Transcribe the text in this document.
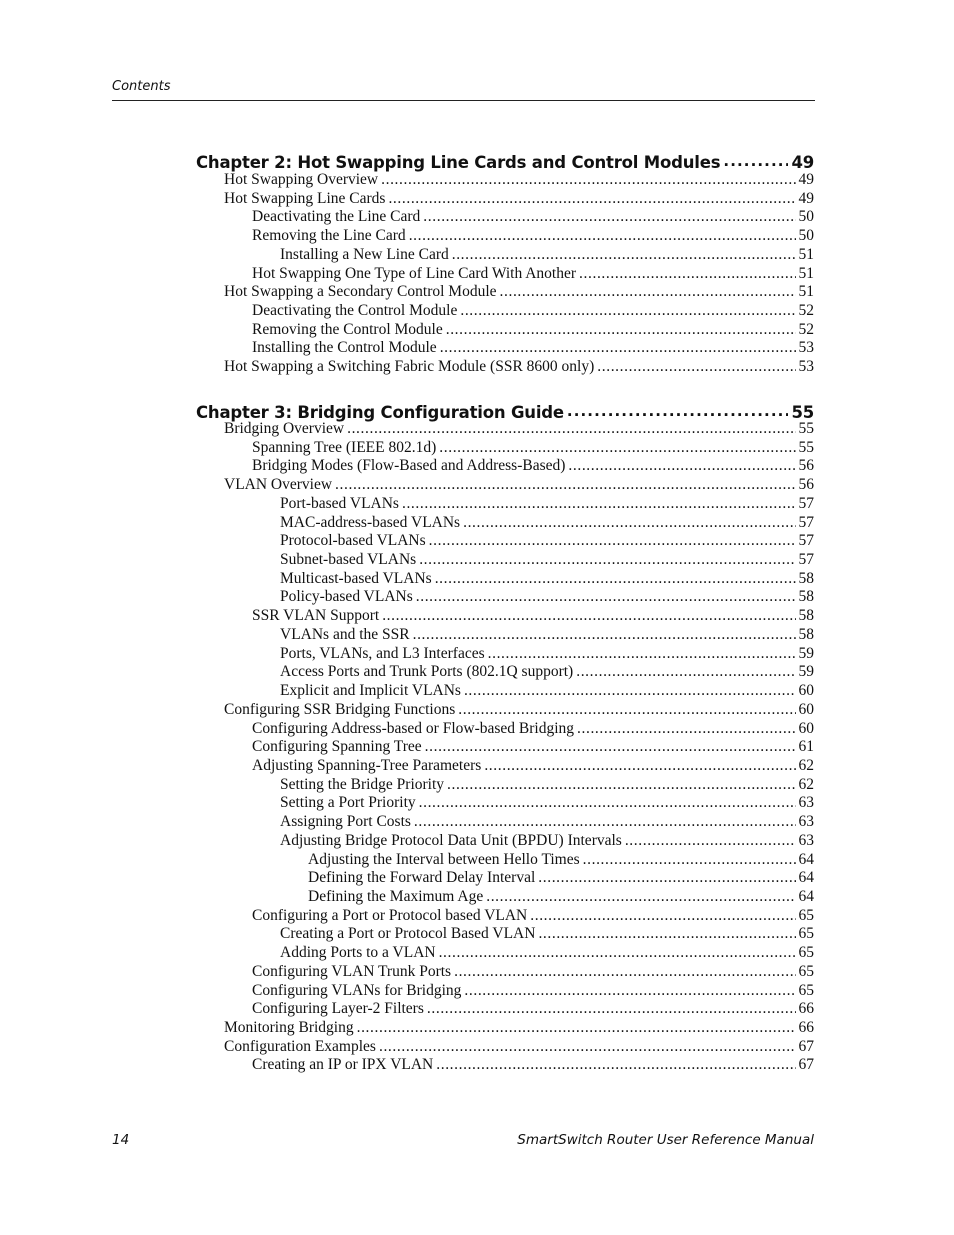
Contents
Chapter 2: Hot Swapping Line Cards and Control Modules .....	49
Hot Swapping Overview .....	49
Hot Swapping Line Cards .....	49
Deactivating the Line Card .....	50
Removing the Line Card .....	50
Installing a New Line Card .....	51
Hot Swapping One Type of Line Card With Another .....	51
Hot Swapping a Secondary Control Module .....	51
Deactivating the Control Module .....	52
Removing the Control Module .....	52
Installing the Control Module .....	53
Hot Swapping a Switching Fabric Module (SSR 8600 only) .....	53
Chapter 3: Bridging Configuration Guide .....	55
Bridging Overview .....	55
Spanning Tree (IEEE 802.1d) .....	55
Bridging Modes (Flow-Based and Address-Based) .....	56
VLAN Overview .....	56
Port-based VLANs .....	57
MAC-address-based VLANs .....	57
Protocol-based VLANs .....	57
Subnet-based VLANs .....	57
Multicast-based VLANs .....	58
Policy-based VLANs .....	58
SSR VLAN Support .....	58
VLANs and the SSR .....	58
Ports, VLANs, and L3 Interfaces .....	59
Access Ports and Trunk Ports (802.1Q support) .....	59
Explicit and Implicit VLANs .....	60
Configuring SSR Bridging Functions .....	60
Configuring Address-based or Flow-based Bridging .....	60
Configuring Spanning Tree .....	61
Adjusting Spanning-Tree Parameters .....	62
Setting the Bridge Priority .....	62
Setting a Port Priority .....	63
Assigning Port Costs .....	63
Adjusting Bridge Protocol Data Unit (BPDU) Intervals .....	63
Adjusting the Interval between Hello Times .....	64
Defining the Forward Delay Interval .....	64
Defining the Maximum Age .....	64
Configuring a Port or Protocol based VLAN .....	65
Creating a Port or Protocol Based VLAN .....	65
Adding Ports to a VLAN .....	65
Configuring VLAN Trunk Ports .....	65
Configuring VLANs for Bridging .....	65
Configuring Layer-2 Filters .....	66
Monitoring Bridging .....	66
Configuration Examples .....	67
Creating an IP or IPX VLAN .....	67
14	SmartSwitch Router User Reference Manual
